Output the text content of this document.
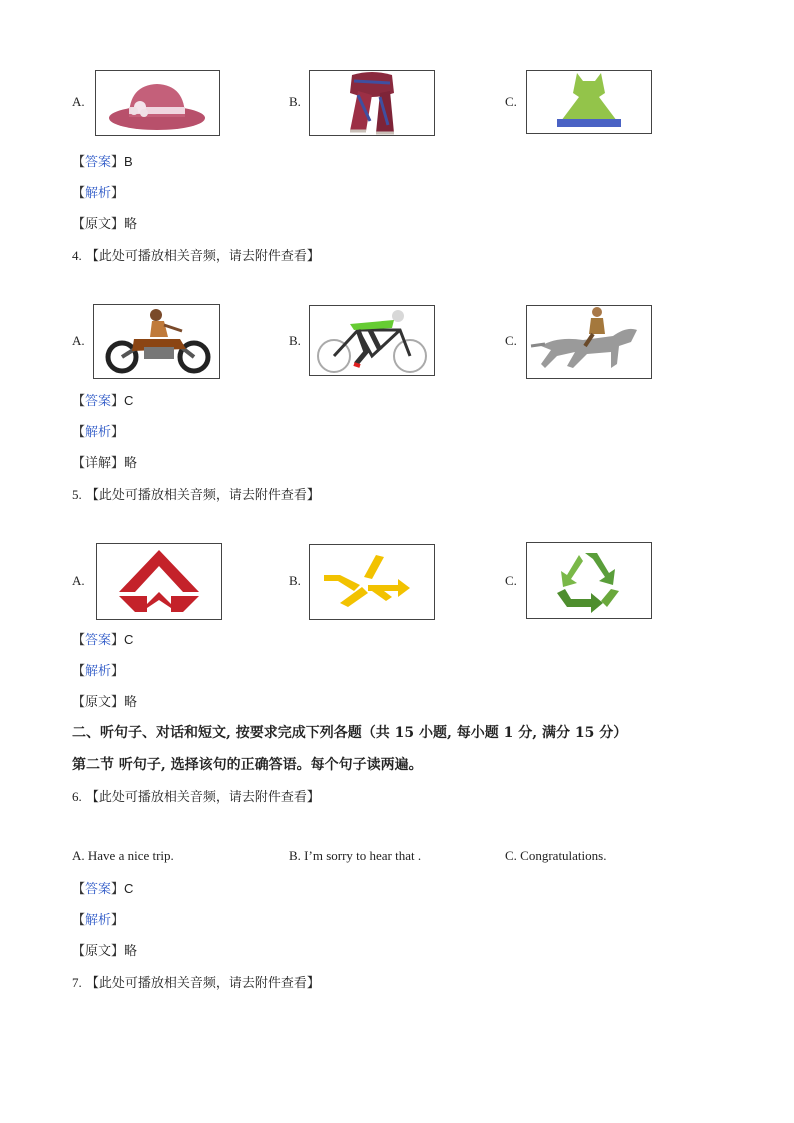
A.	B.	C.
【答案】B
【解析】
【原文】略
4. 【此处可播放相关音频，请去附件查看】
A.	B.	C.
【答案】C
【解析】
【详解】略
5. 【此处可播放相关音频，请去附件查看】
A.	B.	C.
【答案】C
【解析】
【原文】略
二、听句子、对话和短文, 按要求完成下列各题（共 15 小题, 每小题 1 分, 满分 15 分）
第二节 听句子, 选择该句的正确答语。每个句子读两遍。
6. 【此处可播放相关音频，请去附件查看】
A. Have a nice trip.	B. I’m sorry to hear that .	C. Congratulations.
【答案】C
【解析】
【原文】略
7. 【此处可播放相关音频，请去附件查看】
